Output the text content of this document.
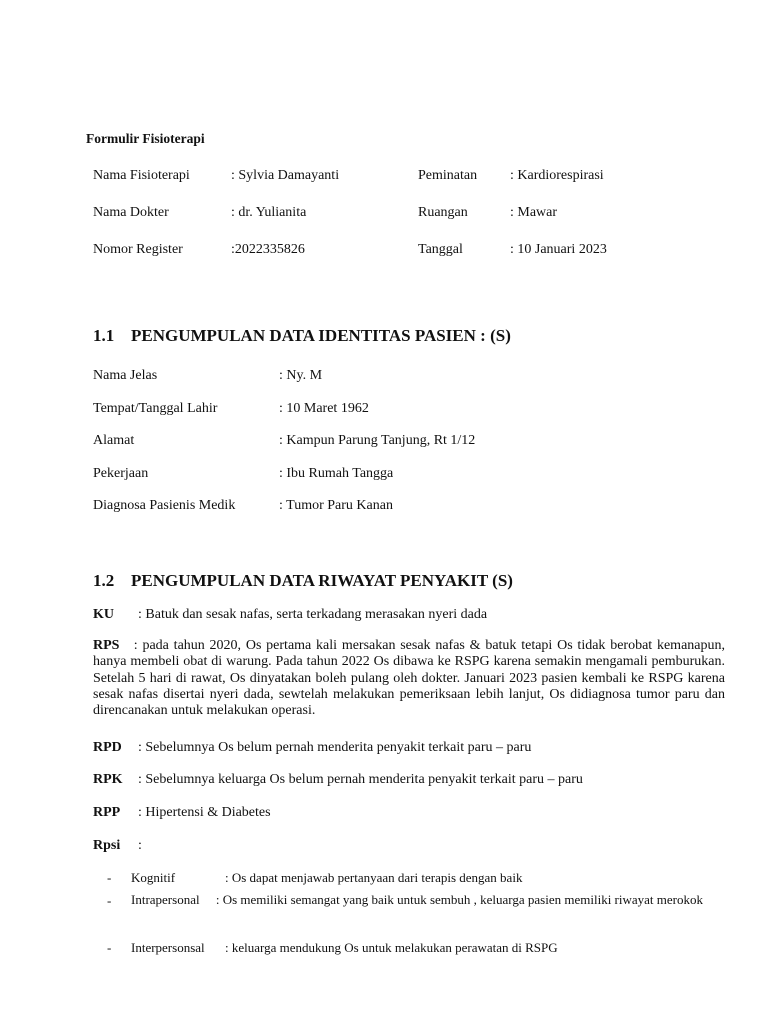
Formulir Fisioterapi
Nama Fisioterapi	: Sylvia Damayanti	Peminatan : Kardiorespirasi
Nama Dokter	: dr. Yulianita	Ruangan	: Mawar
Nomor Register	:2022335826	Tanggal	: 10 Januari 2023
1.1 PENGUMPULAN DATA IDENTITAS PASIEN : (S)
Nama Jelas	: Ny. M
Tempat/Tanggal Lahir	: 10 Maret 1962
Alamat	: Kampun Parung Tanjung, Rt 1/12
Pekerjaan	: Ibu Rumah Tangga
Diagnosa Pasienis Medik	: Tumor Paru Kanan
1.2 PENGUMPULAN DATA RIWAYAT PENYAKIT (S)
KU : Batuk dan sesak nafas, serta terkadang merasakan nyeri dada
RPS : pada tahun 2020, Os pertama kali mersakan sesak nafas & batuk tetapi Os tidak berobat kemanapun, hanya membeli obat di warung. Pada tahun 2022 Os dibawa ke RSPG karena semakin mengamali pemburukan. Setelah 5 hari di rawat, Os dinyatakan boleh pulang oleh dokter. Januari 2023 pasien kembali ke RSPG karena sesak nafas disertai nyeri dada, sewtelah melakukan pemeriksaan lebih lanjut, Os didiagnosa tumor paru dan direncanakan untuk melakukan operasi.
RPD : Sebelumnya Os belum pernah menderita penyakit terkait paru – paru
RPK : Sebelumnya keluarga Os belum pernah menderita penyakit terkait paru – paru
RPP : Hipertensi & Diabetes
Rpsi :
- Kognitif	: Os dapat menjawab pertanyaan dari terapis dengan baik
- Intrapersonal : Os memiliki semangat yang baik untuk sembuh , keluarga pasien memiliki riwayat merokok
- Interpersonsal : keluarga mendukung Os untuk melakukan perawatan di RSPG
